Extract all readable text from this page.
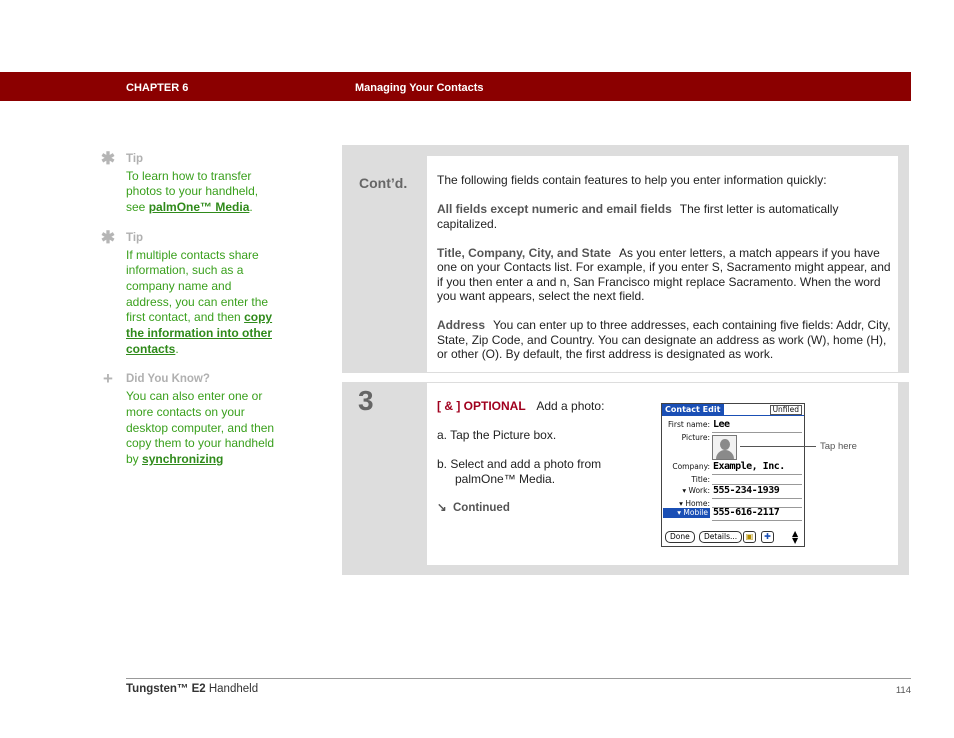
CHAPTER 6	Managing Your Contacts
✱ Tip
To learn how to transfer photos to your handheld, see palmOne™ Media.
✱ Tip
If multiple contacts share information, such as a company name and address, you can enter the first contact, and then copy the information into other contacts.
+ Did You Know?
You can also enter one or more contacts on your desktop computer, and then copy them to your handheld by synchronizing
Cont’d. The following fields contain features to help you enter information quickly:

All fields except numeric and email fields The first letter is automatically capitalized.

Title, Company, City, and State As you enter letters, a match appears if you have one on your Contacts list. For example, if you enter S, Sacramento might appear, and if you then enter a and n, San Francisco might replace Sacramento. When the word you want appears, select the next field.

Address You can enter up to three addresses, each containing five fields: Addr, City, State, Zip Code, and Country. You can designate an address as work (W), home (H), or other (O). By default, the first address is designated as work.

3	[ & ] OPTIONAL Add a photo:
a. Tap the Picture box.
b. Select and add a photo from palmOne™ Media.
↘ Continued
Contact Edit	Unfiled
First name: Lee
Picture:
Company: Example, Inc.
Title:
▾ Work: 555-234-1939
▾ Home:
▾ Mobile 555-616-2117
Done	Details...	▣	✚	▲▼
Tap here
Tungsten™ E2 Handheld	114
